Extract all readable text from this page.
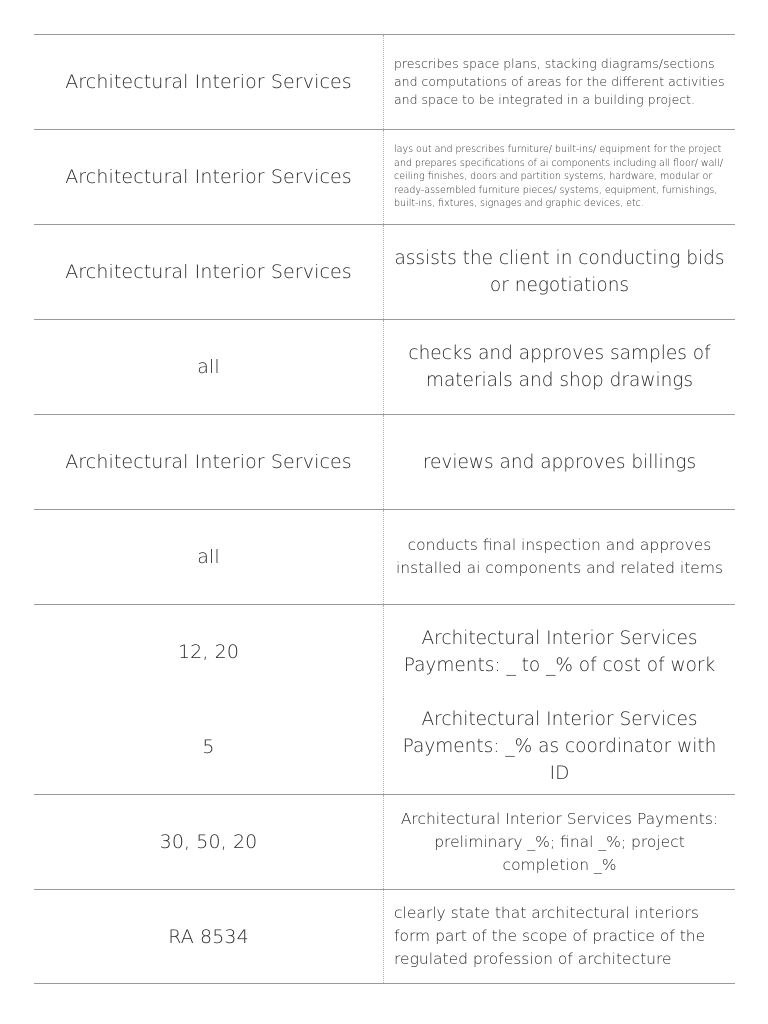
Architectural Interior Services
prescribes space plans, stacking diagrams/sections and computations of areas for the different activities and space to be integrated in a building project.
Architectural Interior Services
lays out and prescribes furniture/ built-ins/ equipment for the project and prepares specifications of ai components including all floor/ wall/ ceiling finishes, doors and partition systems, hardware, modular or ready-assembled furniture pieces/ systems, equipment, furnishings, built-ins, fixtures, signages and graphic devices, etc.
Architectural Interior Services
assists the client in conducting bids or negotiations
all
checks and approves samples of materials and shop drawings
Architectural Interior Services	reviews and approves billings
all
conducts final inspection and approves installed ai components and related items
12, 20
Architectural Interior Services Payments: _ to _% of cost of work
5
Architectural Interior Services Payments: _% as coordinator with ID
30, 50, 20
Architectural Interior Services Payments: preliminary _%; final _%; project completion _%
RA 8534
clearly state that architectural interiors form part of the scope of practice of the regulated profession of architecture
